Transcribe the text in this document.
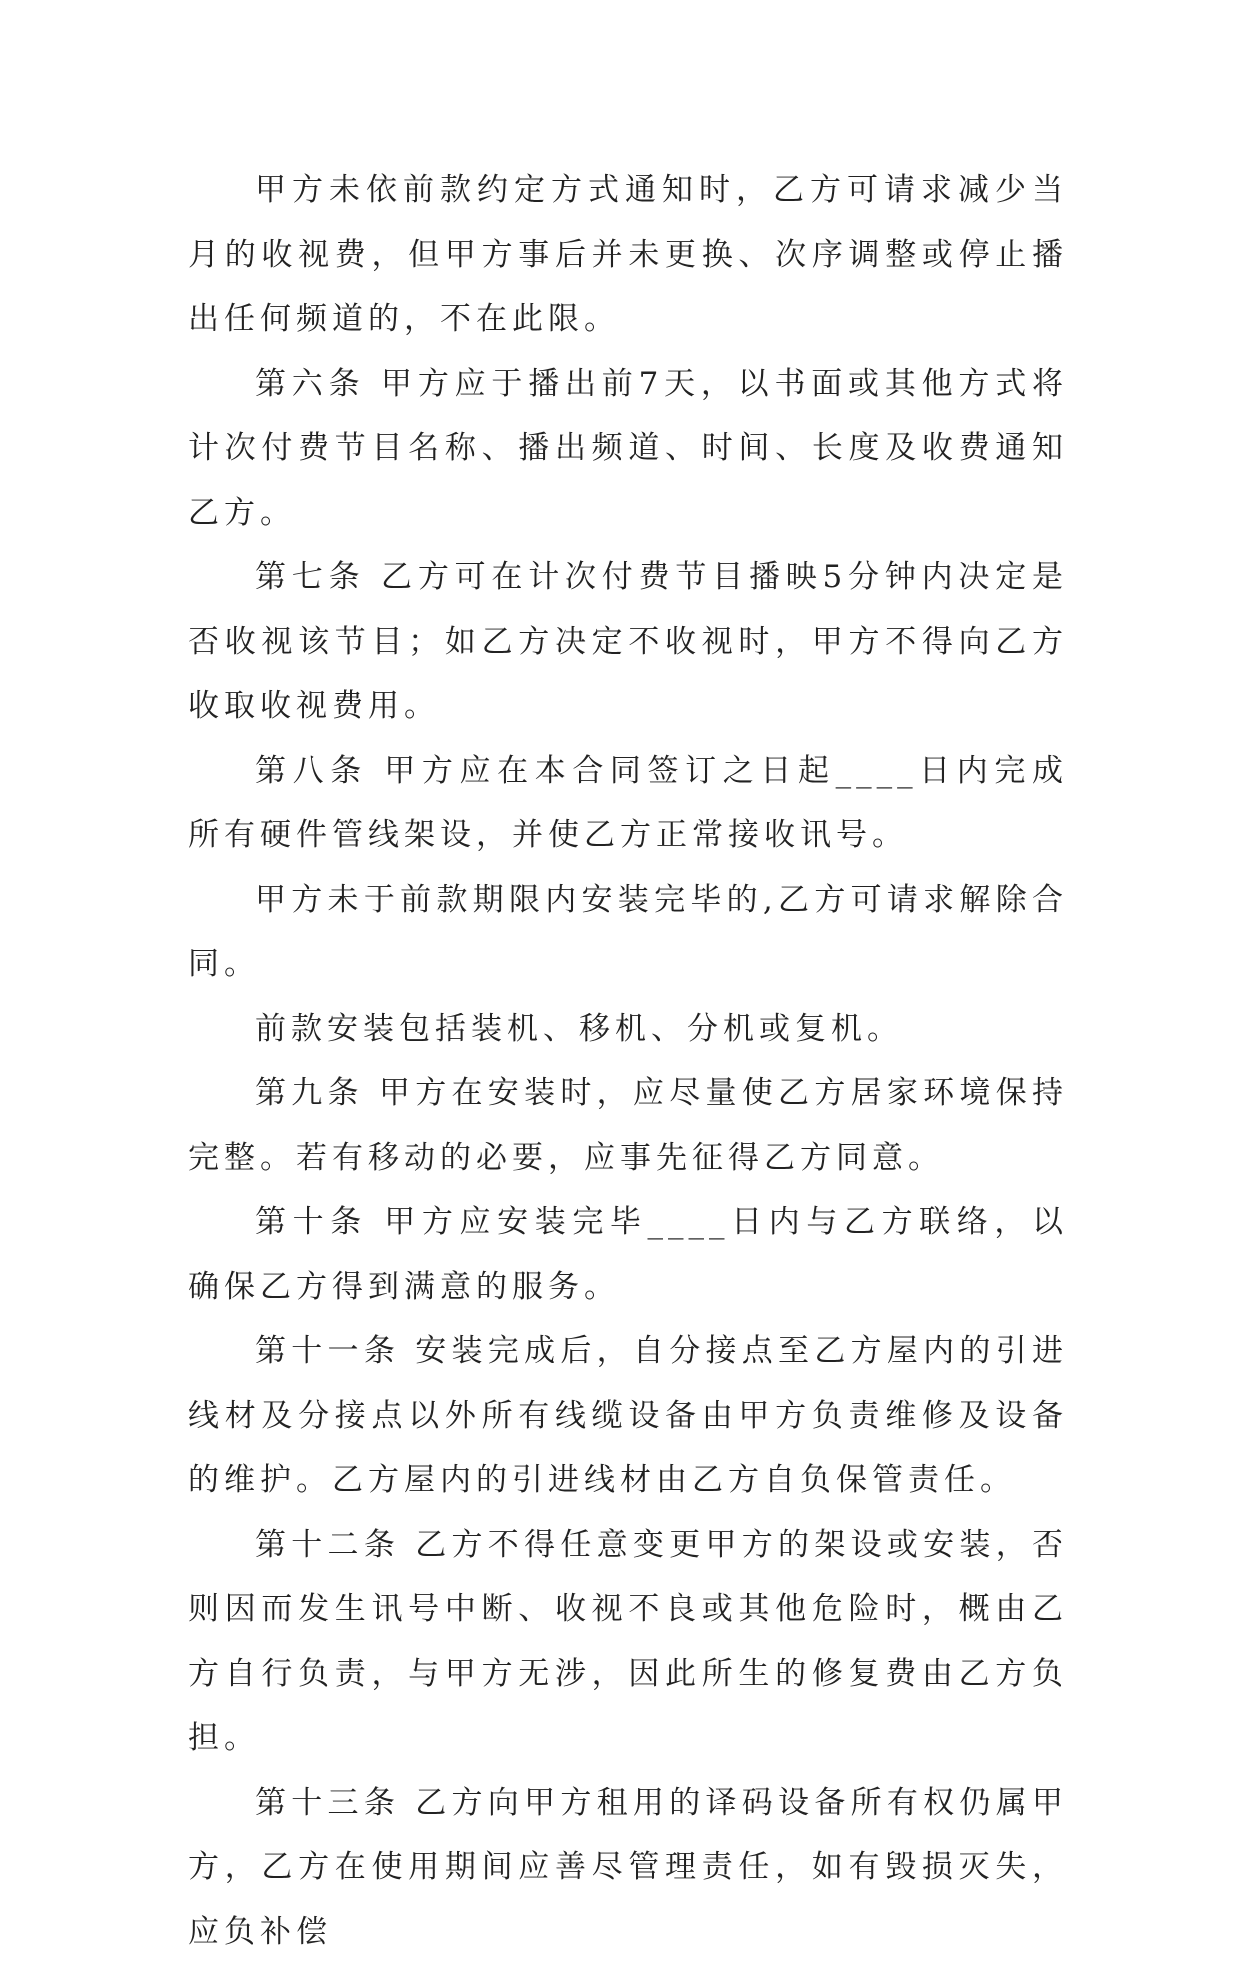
甲方未依前款约定方式通知时，乙方可请求减少当月的收视费，但甲方事后并未更换、次序调整或停止播出任何频道的，不在此限。

第六条 甲方应于播出前7天，以书面或其他方式将计次付费节目名称、播出频道、时间、长度及收费通知乙方。

第七条 乙方可在计次付费节目播映5分钟内决定是否收视该节目；如乙方决定不收视时，甲方不得向乙方收取收视费用。

第八条 甲方应在本合同签订之日起____日内完成所有硬件管线架设，并使乙方正常接收讯号。

甲方未于前款期限内安装完毕的,乙方可请求解除合同。

前款安装包括装机、移机、分机或复机。

第九条 甲方在安装时，应尽量使乙方居家环境保持完整。若有移动的必要，应事先征得乙方同意。

第十条 甲方应安装完毕____日内与乙方联络，以确保乙方得到满意的服务。

第十一条 安装完成后，自分接点至乙方屋内的引进线材及分接点以外所有线缆设备由甲方负责维修及设备的维护。乙方屋内的引进线材由乙方自负保管责任。

第十二条 乙方不得任意变更甲方的架设或安装，否则因而发生讯号中断、收视不良或其他危险时，概由乙方自行负责，与甲方无涉，因此所生的修复费由乙方负担。

第十三条 乙方向甲方租用的译码设备所有权仍属甲方，乙方在使用期间应善尽管理责任，如有毁损灭失，应负补偿
